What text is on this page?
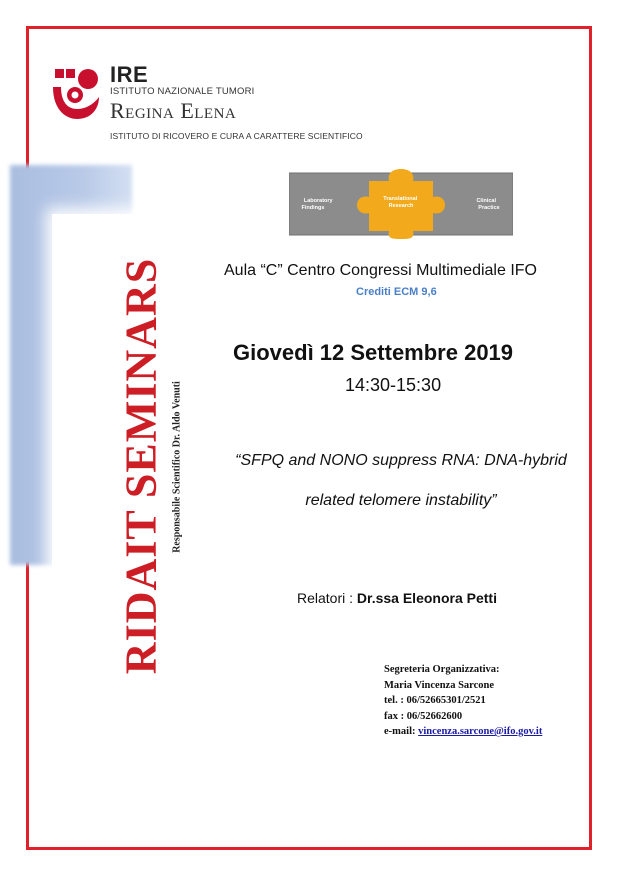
IRE
ISTITUTO NAZIONALE TUMORI
Regina Elena
ISTITUTO DI RICOVERO E CURA A CARATTERE SCIENTIFICO
Laboratory Findings
Translational Research
Clinical Practice
RIDAIT SEMINARS Responsabile Scientifico Dr. Aldo Venuti
Aula “C” Centro Congressi Multimediale IFO
Crediti ECM 9,6
Giovedì 12 Settembre 2019
14:30-15:30
“SFPQ and NONO suppress RNA: DNA-hybrid
related telomere instability”
Relatori : Dr.ssa Eleonora Petti
Segreteria Organizzativa:
Maria Vincenza Sarcone
tel. : 06/52665301/2521
fax : 06/52662600
e-mail: vincenza.sarcone@ifo.gov.it
